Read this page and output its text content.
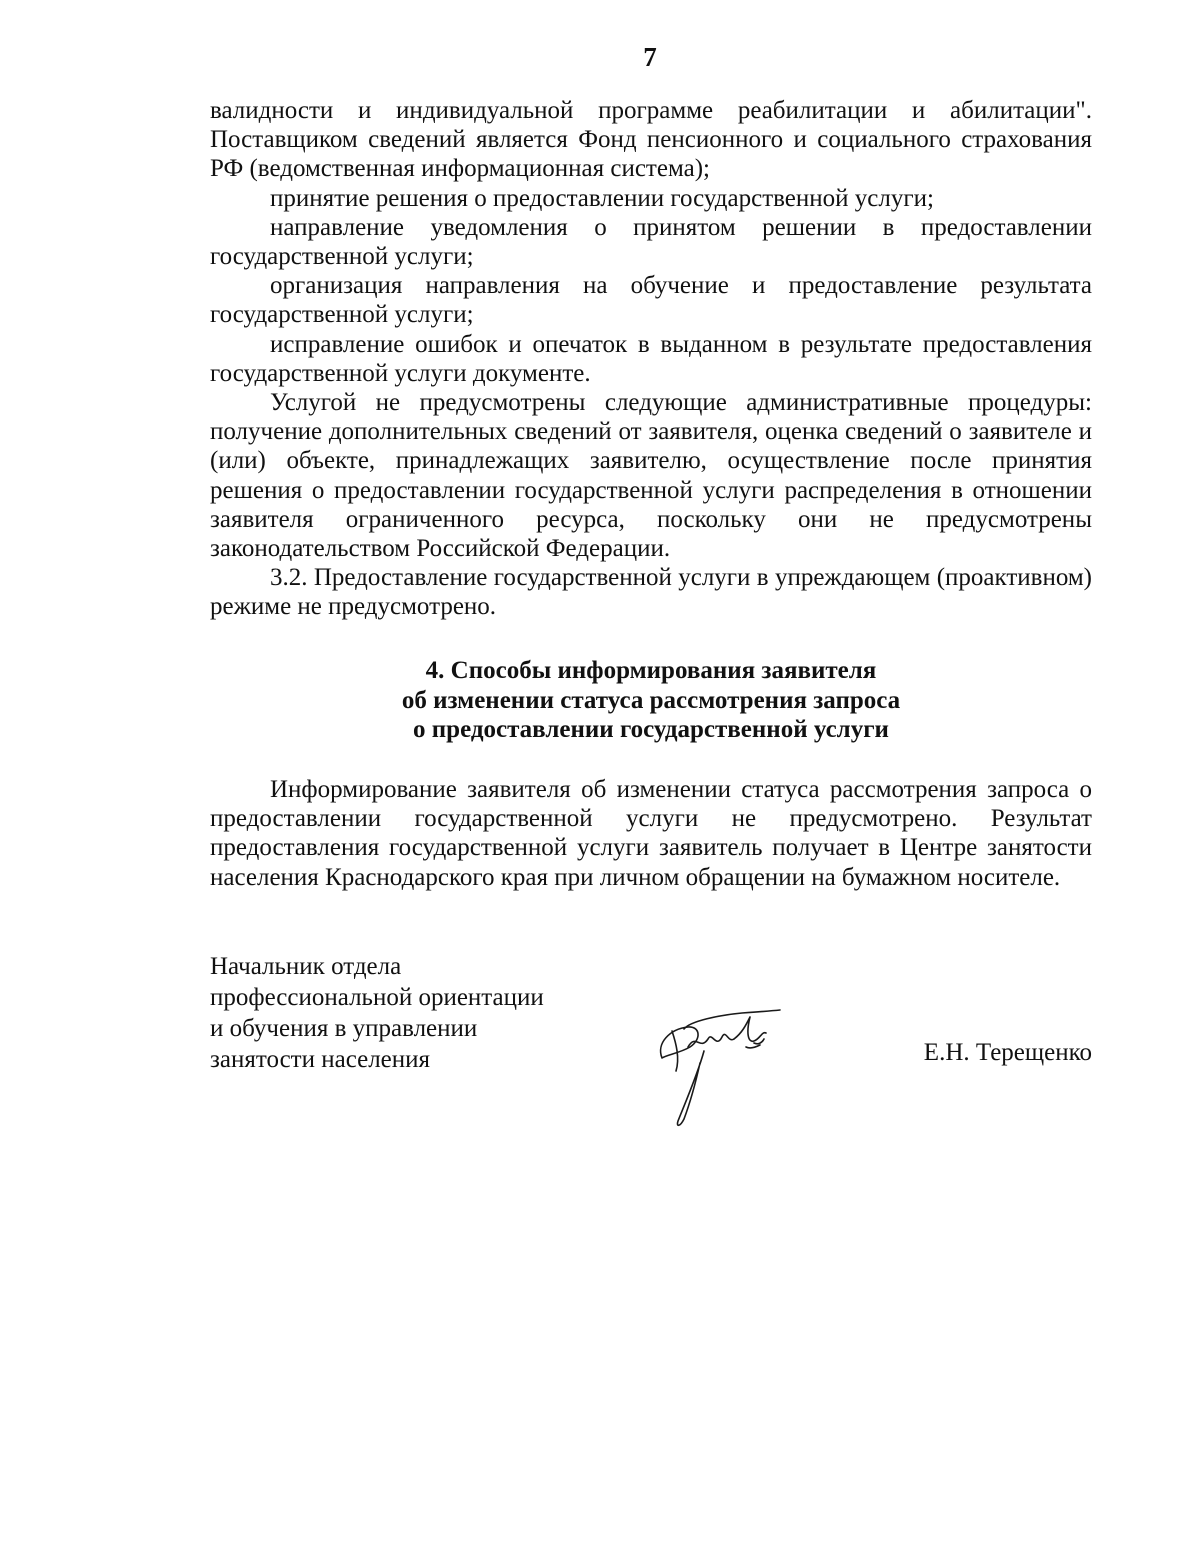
7

валидности и индивидуальной программе реабилитации и абилитации". Поставщиком сведений является Фонд пенсионного и социального страхования РФ (ведомственная информационная система);

принятие решения о предоставлении государственной услуги;

направление уведомления о принятом решении в предоставлении государственной услуги;

организация направления на обучение и предоставление результата государственной услуги;

исправление ошибок и опечаток в выданном в результате предоставления государственной услуги документе.

Услугой не предусмотрены следующие административные процедуры: получение дополнительных сведений от заявителя, оценка сведений о заявителе и (или) объекте, принадлежащих заявителю, осуществление после принятия решения о предоставлении государственной услуги распределения в отношении заявителя ограниченного ресурса, поскольку они не предусмотрены законодательством Российской Федерации.

3.2. Предоставление государственной услуги в упреждающем (проактивном) режиме не предусмотрено.

4. Способы информирования заявителя
об изменении статуса рассмотрения запроса
о предоставлении государственной услуги

Информирование заявителя об изменении статуса рассмотрения запроса о предоставлении государственной услуги не предусмотрено. Результат предоставления государственной услуги заявитель получает в Центре занятости населения Краснодарского края при личном обращении на бумажном носителе.

Начальник отдела
профессиональной ориентации
и обучения в управлении
занятости населения	Е.Н. Терещенко
